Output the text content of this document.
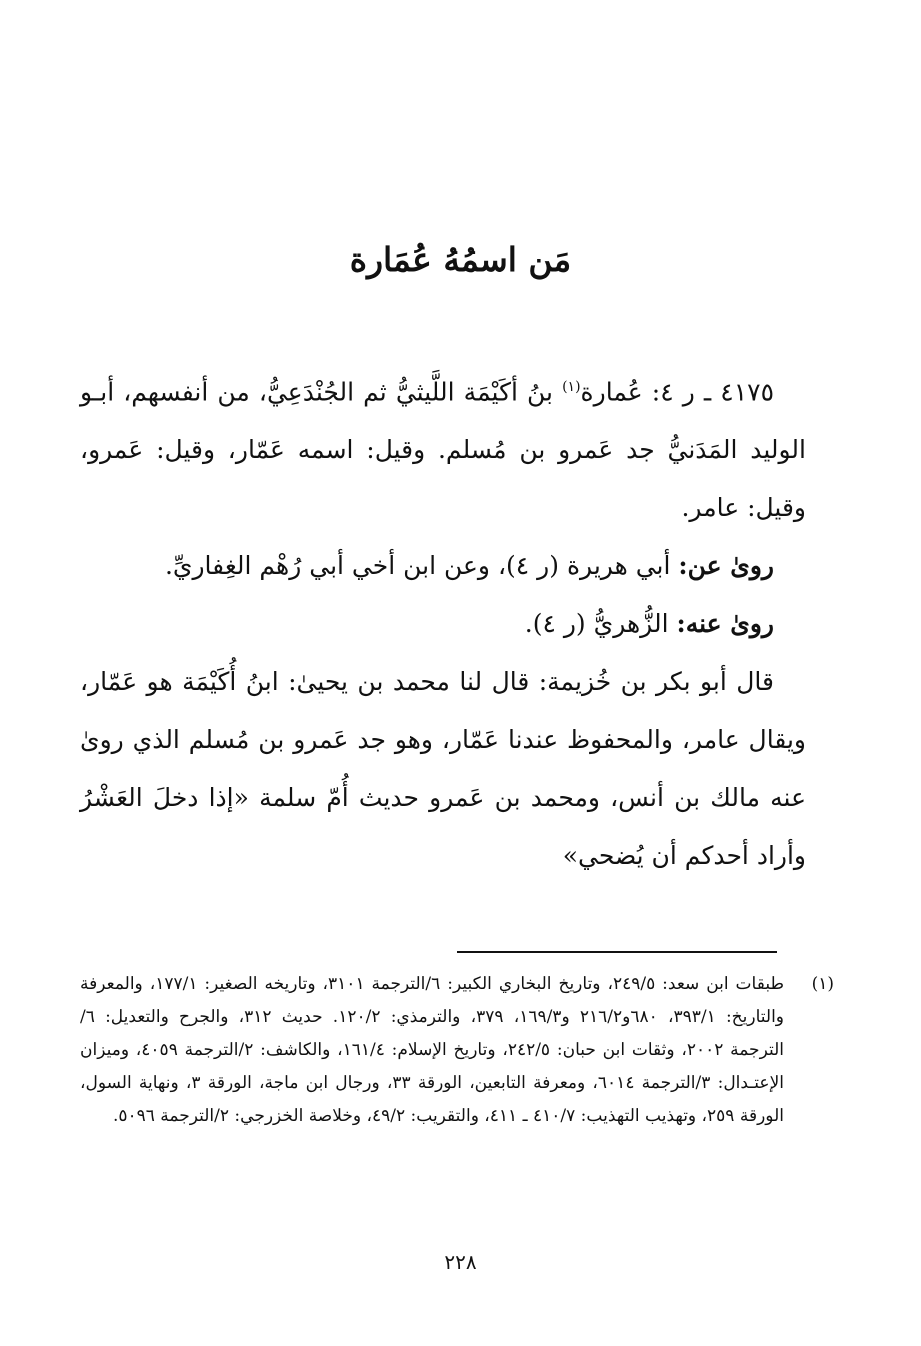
مَن اسمُهُ عُمَارة

٤١٧٥ ـ ر ٤: عُمارة$^{(١)}$ بنُ أكَيْمَة اللَّيثيُّ ثم الجُنْدَعِيُّ، من أنفسهم، أبـو الوليد المَدَنيُّ جد عَمرو بن مُسلم. وقيل: اسمه عَمّار، وقيل: عَمرو، وقيل: عامر.

روىٰ عن: أبي هريرة (ر ٤)، وعن ابن أخي أبي رُهْم الغِفاريِّ.

روىٰ عنه: الزُّهريُّ (ر ٤).

قال أبو بكر بن خُزيمة: قال لنا محمد بن يحيىٰ: ابنُ أُكَيْمَة هو عَمّار، ويقال عامر، والمحفوظ عندنا عَمّار، وهو جد عَمرو بن مُسلم الذي روىٰ عنه مالك بن أنس، ومحمد بن عَمرو حديث أُمّ سلمة «إذا دخلَ العَشْرُ وأراد أحدكم أن يُضحي»

(١)
طبقات ابن سعد: ٢٤٩/٥، وتاريخ البخاري الكبير: ٦/الترجمة ٣١٠١، وتاريخه الصغير: ١٧٧/١، والمعرفة والتاريخ: ٣٩٣/١، ٦٨٠و٢١٦/٢ و١٦٩/٣، ٣٧٩، والترمذي: ١٢٠/٢. حديث ٣١٢، والجرح والتعديل: ٦/الترجمة ٢٠٠٢، وثقات ابن حبان: ٢٤٢/٥، وتاريخ الإسلام: ١٦١/٤، والكاشف: ٢/الترجمة ٤٠٥٩، وميزان الإعتـدال: ٣/الترجمة ٦٠١٤، ومعرفة التابعين، الورقة ٣٣، ورجال ابن ماجة، الورقة ٣، ونهاية السول، الورقة ٢٥٩، وتهذيب التهذيب: ٤١٠/٧ ـ ٤١١، والتقريب: ٤٩/٢، وخلاصة الخزرجي: ٢/الترجمة ٥٠٩٦.
٢٢٨
